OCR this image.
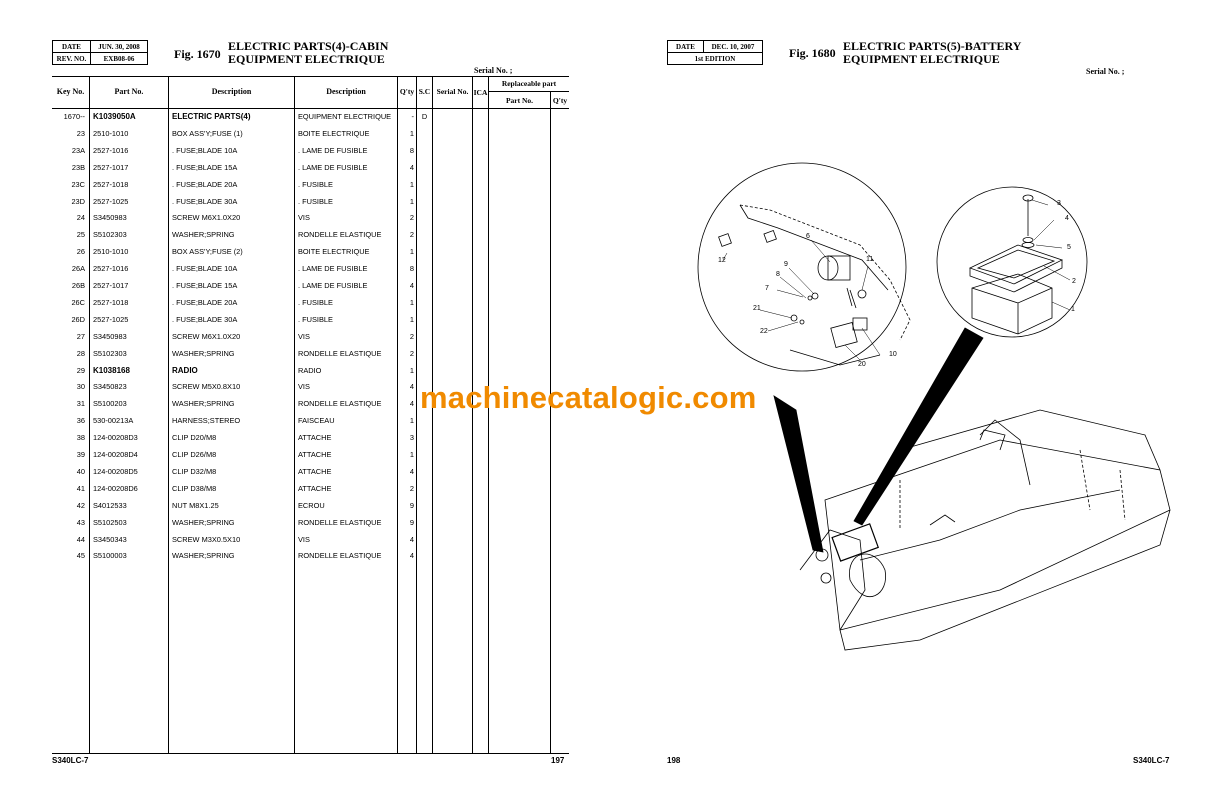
DATE	JUN. 30, 2008
REV. NO.	EXB08-06	Fig. 1670
ELECTRIC PARTS(4)-CABIN
EQUIPMENT ELECTRIQUE
Serial No. ;
Key No.	Part No.	Description	Description	Q'ty S.C Serial No. ICA
Replaceable part
Part No.	Q'ty
1670-- K1039050A	ELECTRIC PARTS(4)	EQUIPMENT ELECTRIQUE	-	D
23 2510-1010	BOX ASS'Y;FUSE (1)	BOITE ELECTRIQUE	1
23A 2527-1016	. FUSE;BLADE 10A	. LAME DE FUSIBLE	8
23B 2527-1017	. FUSE;BLADE 15A	. LAME DE FUSIBLE	4
23C 2527-1018	. FUSE;BLADE 20A	. FUSIBLE	1
23D 2527-1025	. FUSE;BLADE 30A	. FUSIBLE	1
24 S3450983	SCREW M6X1.0X20	VIS	2
25 S5102303	WASHER;SPRING	RONDELLE ELASTIQUE	2
26 2510-1010	BOX ASS'Y;FUSE (2)	BOITE ELECTRIQUE	1
26A 2527-1016	. FUSE;BLADE 10A	. LAME DE FUSIBLE	8
26B 2527-1017	. FUSE;BLADE 15A	. LAME DE FUSIBLE	4
26C 2527-1018	. FUSE;BLADE 20A	. FUSIBLE	1
26D 2527-1025	. FUSE;BLADE 30A	. FUSIBLE	1
27 S3450983	SCREW M6X1.0X20	VIS	2
28 S5102303	WASHER;SPRING	RONDELLE ELASTIQUE	2
29 K1038168	RADIO	RADIO	1
30 S3450823	SCREW M5X0.8X10	VIS	4
31 S5100203	WASHER;SPRING	RONDELLE ELASTIQUE	4
36 530-00213A	HARNESS;STEREO	FAISCEAU	1
38 124-00208D3	CLIP D20/M8	ATTACHE	3
39 124-00208D4	CLIP D26/M8	ATTACHE	1
40 124-00208D5	CLIP D32/M8	ATTACHE	4
41 124-00208D6	CLIP D38/M8	ATTACHE	2
42 S4012533	NUT M8X1.25	ECROU	9
43 S5102503	WASHER;SPRING	RONDELLE ELASTIQUE	9
44 S3450343	SCREW M3X0.5X10	VIS	4
45 S5100003	WASHER;SPRING	RONDELLE ELASTIQUE	4
S340LC-7	197
DATE	DEC. 10, 2007
1st EDITION	Fig. 1680 ELECTRIC PARTS(5)-BATTERY
EQUIPMENT ELECTRIQUE
Serial No. ;
12
6
9
8
7
11
21
22
10
20
3
4
5
2
1
198	S340LC-7
machinecatalogic.com
